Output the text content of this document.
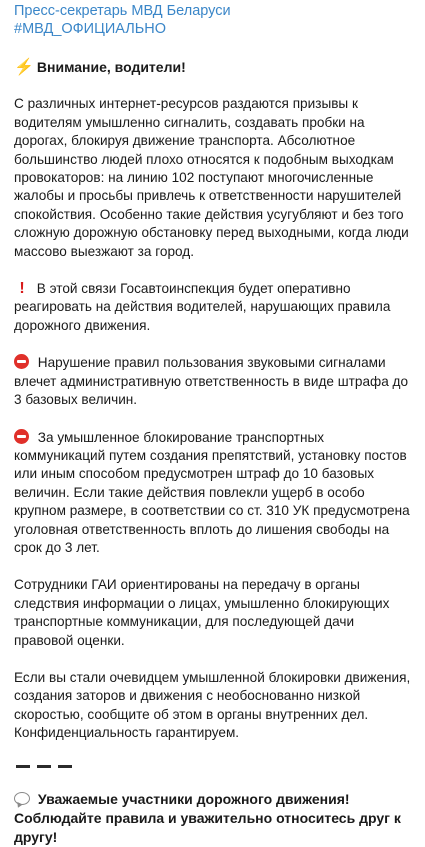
Пресс-секретарь МВД Беларуси
#МВД_ОФИЦИАЛЬНО

⚡ Внимание, водители!

С различных интернет-ресурсов раздаются призывы к водителям умышленно сигналить, создавать пробки на дорогах, блокируя движение транспорта. Абсолютное большинство людей плохо относятся к подобным выходкам провокаторов: на линию 102 поступают многочисленные жалобы и просьбы привлечь к ответственности нарушителей спокойствия. Особенно такие действия усугубляют и без того сложную дорожную обстановку перед выходными, когда люди массово выезжают за город.

! В этой связи Госавтоинспекция будет оперативно реагировать на действия водителей, нарушающих правила дорожного движения.

Нарушение правил пользования звуковыми сигналами влечет административную ответственность в виде штрафа до 3 базовых величин.

За умышленное блокирование транспортных коммуникаций путем создания препятствий, установку постов или иным способом предусмотрен штраф до 10 базовых величин. Если такие действия повлекли ущерб в особо крупном размере, в соответствии со ст. 310 УК предусмотрена уголовная ответственность вплоть до лишения свободы на срок до 3 лет.

Сотрудники ГАИ ориентированы на передачу в органы следствия информации о лицах, умышленно блокирующих транспортные коммуникации, для последующей дачи правовой оценки.

Если вы стали очевидцем умышленной блокировки движения, создания заторов и движения с необоснованно низкой скоростью, сообщите об этом в органы внутренних дел. Конфиденциальность гарантируем.

Уважаемые участники дорожного движения! Соблюдайте правила и уважительно относитесь друг к другу!
